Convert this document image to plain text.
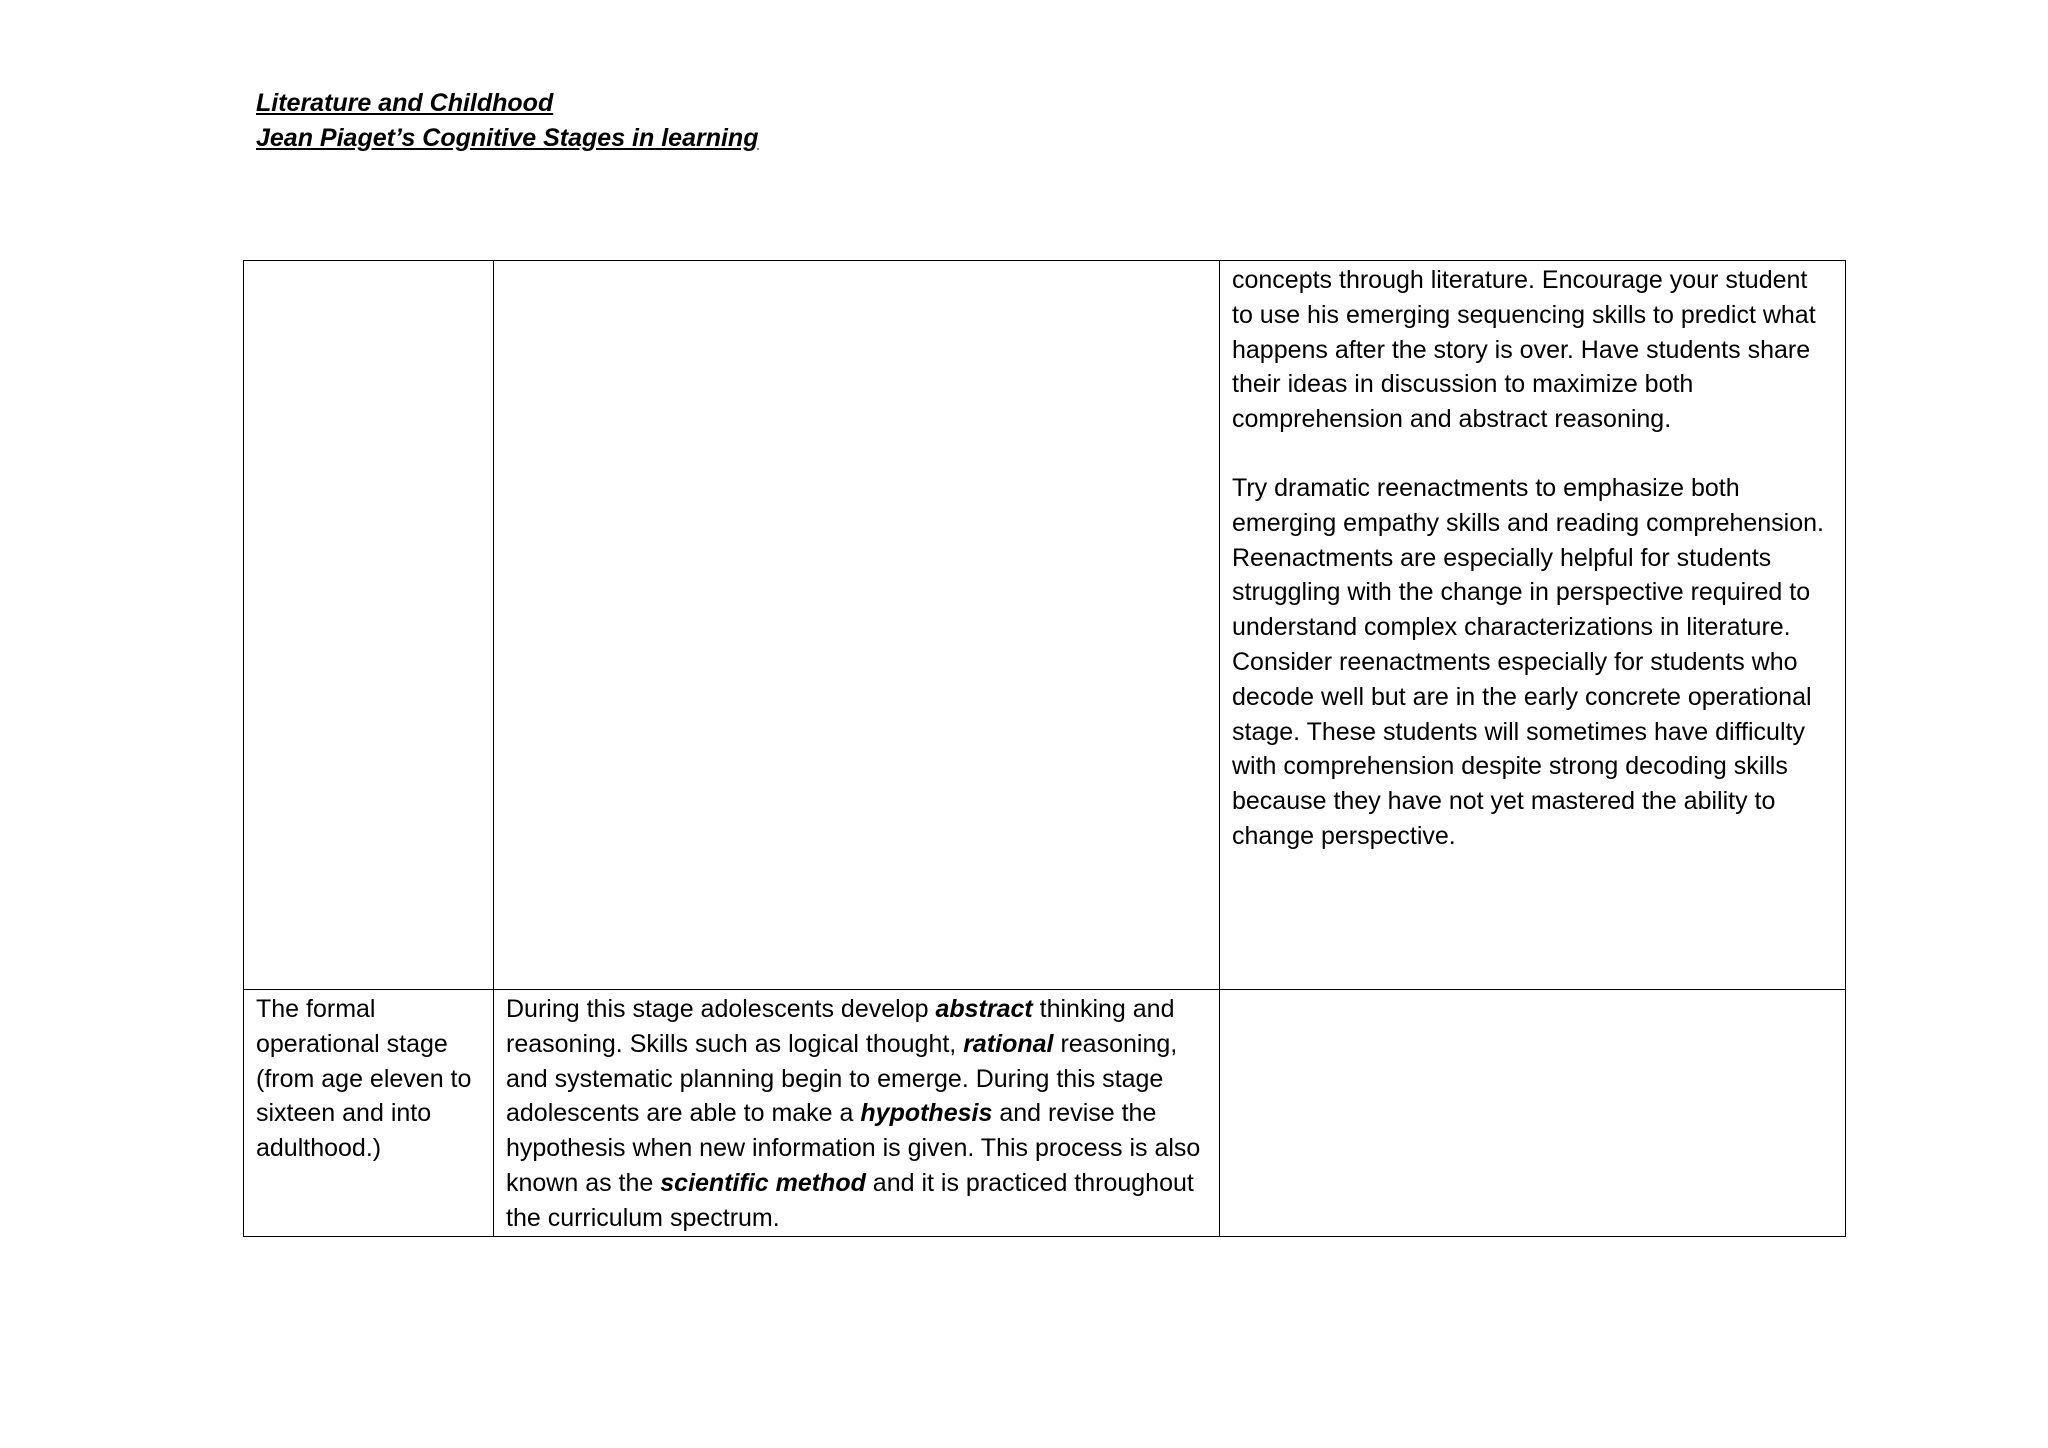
Literature and Childhood
Jean Piaget’s Cognitive Stages in learning

		concepts through literature. Encourage your student to use his emerging sequencing skills to predict what happens after the story is over. Have students share their ideas in discussion to maximize both comprehension and abstract reasoning.

Try dramatic reenactments to emphasize both emerging empathy skills and reading comprehension. Reenactments are especially helpful for students struggling with the change in perspective required to understand complex characterizations in literature. Consider reenactments especially for students who decode well but are in the early concrete operational stage. These students will sometimes have difficulty with comprehension despite strong decoding skills because they have not yet mastered the ability to change perspective.

The formal operational stage (from age eleven to sixteen and into adulthood.)	During this stage adolescents develop abstract thinking and reasoning. Skills such as logical thought, rational reasoning, and systematic planning begin to emerge. During this stage adolescents are able to make a hypothesis and revise the hypothesis when new information is given. This process is also known as the scientific method and it is practiced throughout the curriculum spectrum.	
